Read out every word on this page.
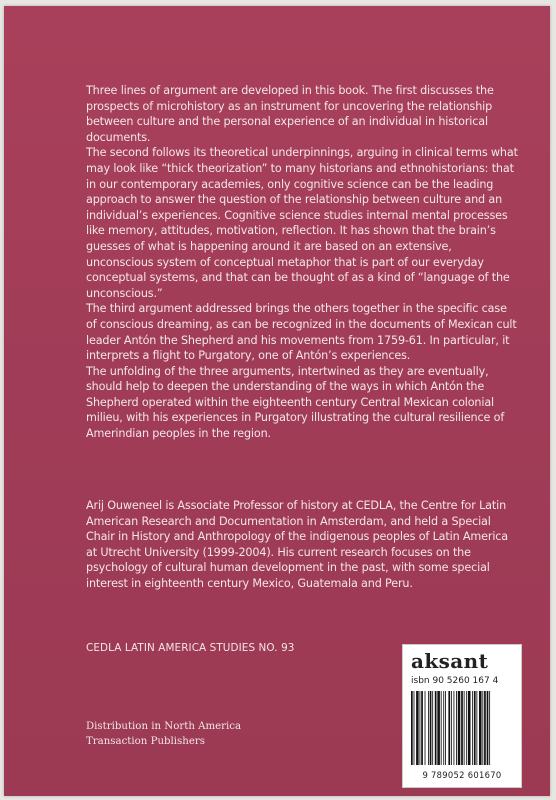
Three lines of argument are developed in this book. The first discusses the prospects of microhistory as an instrument for uncovering the relationship between culture and the personal experience of an individual in historical documents.

The second follows its theoretical underpinnings, arguing in clinical terms what may look like “thick theorization” to many historians and ethnohistorians: that in our contemporary academies, only cognitive science can be the leading approach to answer the question of the relationship between culture and an individual’s experiences. Cognitive science studies internal mental processes like memory, attitudes, motivation, reflection. It has shown that the brain’s guesses of what is happening around it are based on an extensive, unconscious system of conceptual metaphor that is part of our everyday conceptual systems, and that can be thought of as a kind of “language of the unconscious.”

The third argument addressed brings the others together in the specific case of conscious dreaming, as can be recognized in the documents of Mexican cult leader Antón the Shepherd and his movements from 1759-61. In particular, it interprets a flight to Purgatory, one of Antón’s experiences.

The unfolding of the three arguments, intertwined as they are eventually, should help to deepen the understanding of the ways in which Antón the Shepherd operated within the eighteenth century Central Mexican colonial milieu, with his experiences in Purgatory illustrating the cultural resilience of Amerindian peoples in the region.

Arij Ouweneel is Associate Professor of history at CEDLA, the Centre for Latin American Research and Documentation in Amsterdam, and held a Special Chair in History and Anthropology of the indigenous peoples of Latin America at Utrecht University (1999-2004). His current research focuses on the psychology of cultural human development in the past, with some special interest in eighteenth century Mexico, Guatemala and Peru.

CEDLA LATIN AMERICA STUDIES NO. 93
Distribution in North America
Transaction Publishers
aksant
isbn 90 5260 167 4
9 789052 601670
